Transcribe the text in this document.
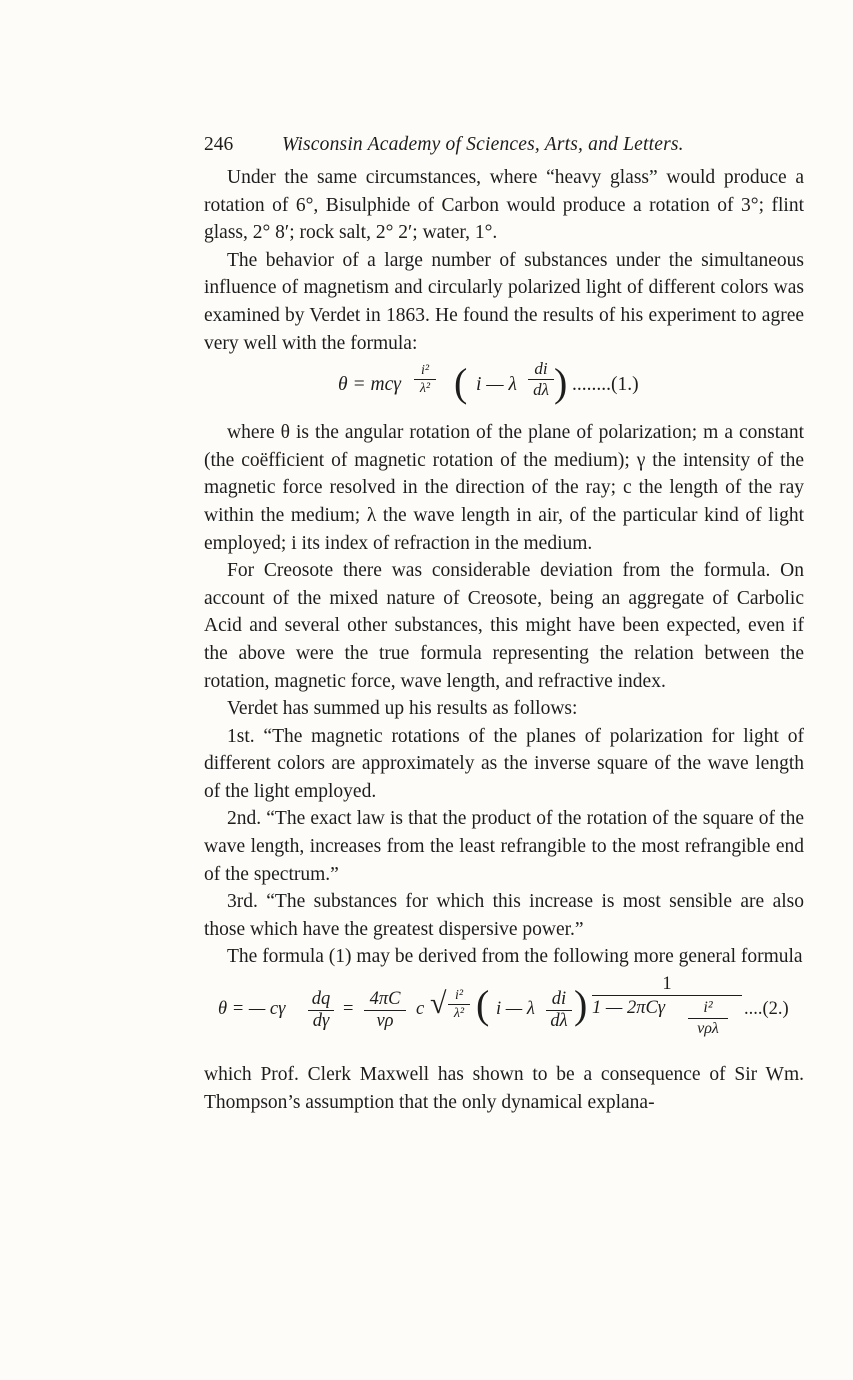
246	Wisconsin Academy of Sciences, Arts, and Letters.

Under the same circumstances, where “heavy glass” would produce a rotation of 6°, Bisulphide of Carbon would produce a rotation of 3°; flint glass, 2° 8′; rock salt, 2° 2′; water, 1°.

The behavior of a large number of substances under the simultaneous influence of magnetism and circularly polarized light of different colors was examined by Verdet in 1863. He found the results of his experiment to agree very well with the formula:

θ = mcγ $\frac{\text{i²}}{\text{λ²}}$ ( i — λ $\frac{di}{d\lambda}$ ) ........(1.)

where θ is the angular rotation of the plane of polarization; m a constant (the coëfficient of magnetic rotation of the medium); γ the intensity of the magnetic force resolved in the direction of the ray; c the length of the ray within the medium; λ the wave length in air, of the particular kind of light employed; i its index of refraction in the medium.

For Creosote there was considerable deviation from the formula. On account of the mixed nature of Creosote, being an aggregate of Carbolic Acid and several other substances, this might have been expected, even if the above were the true formula representing the relation between the rotation, magnetic force, wave length, and refractive index.

Verdet has summed up his results as follows:

1st. “The magnetic rotations of the planes of polarization for light of different colors are approximately as the inverse square of the wave length of the light employed.

2nd. “The exact law is that the product of the rotation of the square of the wave length, increases from the least refrangible to the most refrangible end of the spectrum.”

3rd. “The substances for which this increase is most sensible are also those which have the greatest dispersive power.”

The formula (1) may be derived from the following more general formula

θ = — cγ $\frac{dq}{d\gamma} = \frac{4\pi C}{v\rho}$ c √ $\frac{\text{i²}}{\text{λ²}}$ ( i — λ $\frac{di}{d\lambda}$ )	1
1 — 2πCγ	i²
vρλ
....(2.)

which Prof. Clerk Maxwell has shown to be a consequence of Sir Wm. Thompson’s assumption that the only dynamical explana-
